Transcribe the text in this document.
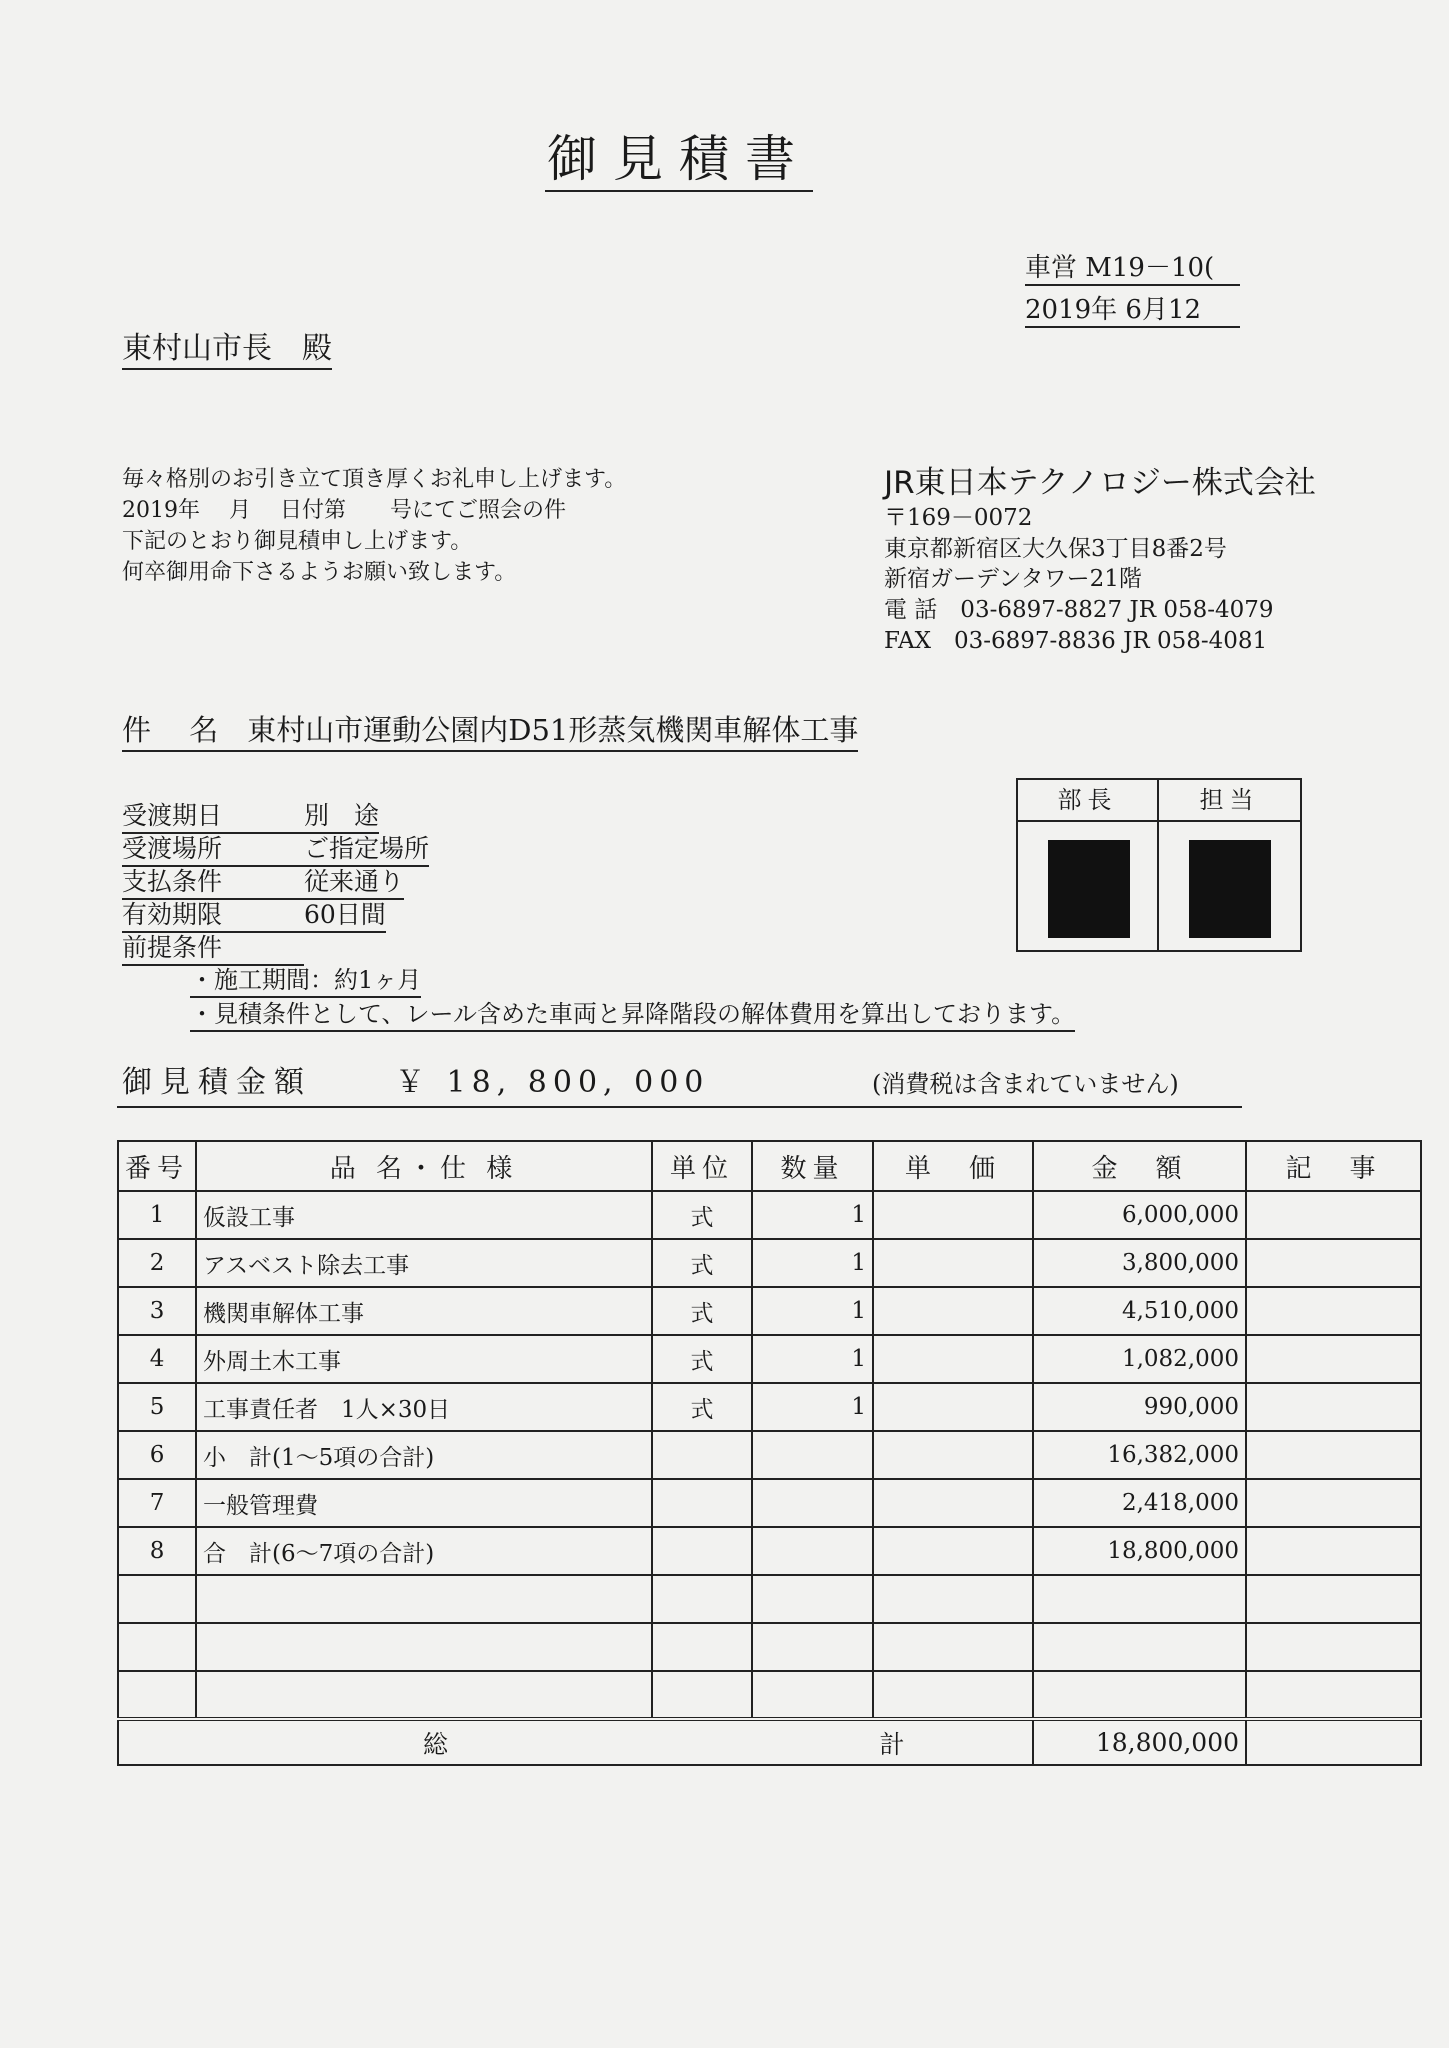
御見積書
車営 M19－10(
2019年 6月12
東村山市長　殿
毎々格別のお引き立て頂き厚くお礼申し上げます。
2019年　 月　 日付第　　号にてご照会の件
下記のとおり御見積申し上げます。
何卒御用命下さるようお願い致します。
JR東日本テクノロジー株式会社
〒169－0072
東京都新宿区大久保3丁目8番2号
新宿ガーデンタワー21階
電 話　03-6897-8827 JR 058-4079
FAX　03-6897-8836 JR 058-4081
件　 名　東村山市運動公園内D51形蒸気機関車解体工事
受渡期日	別　途
受渡場所	ご指定場所
支払条件	従来通り
有効期限	60日間
前提条件
・施工期間：約1ヶ月
・見積条件として、レール含めた車両と昇降階段の解体費用を算出しております。
部長	担当
御見積金額	￥ 18, 800, 000	(消費税は含まれていません)
番号	品 名・仕 様	単位	数量	単　価	金　額	記　事
1	仮設工事	式	1		6,000,000	
2	アスベスト除去工事	式	1		3,800,000	
3	機関車解体工事	式	1		4,510,000	
4	外周土木工事	式	1		1,082,000	
5	工事責任者　1人×30日	式	1		990,000	
6	小　計(1～5項の合計)				16,382,000	
7	一般管理費				2,418,000	
8	合　計(6～7項の合計)				18,800,000	

総			計		18,800,000	
